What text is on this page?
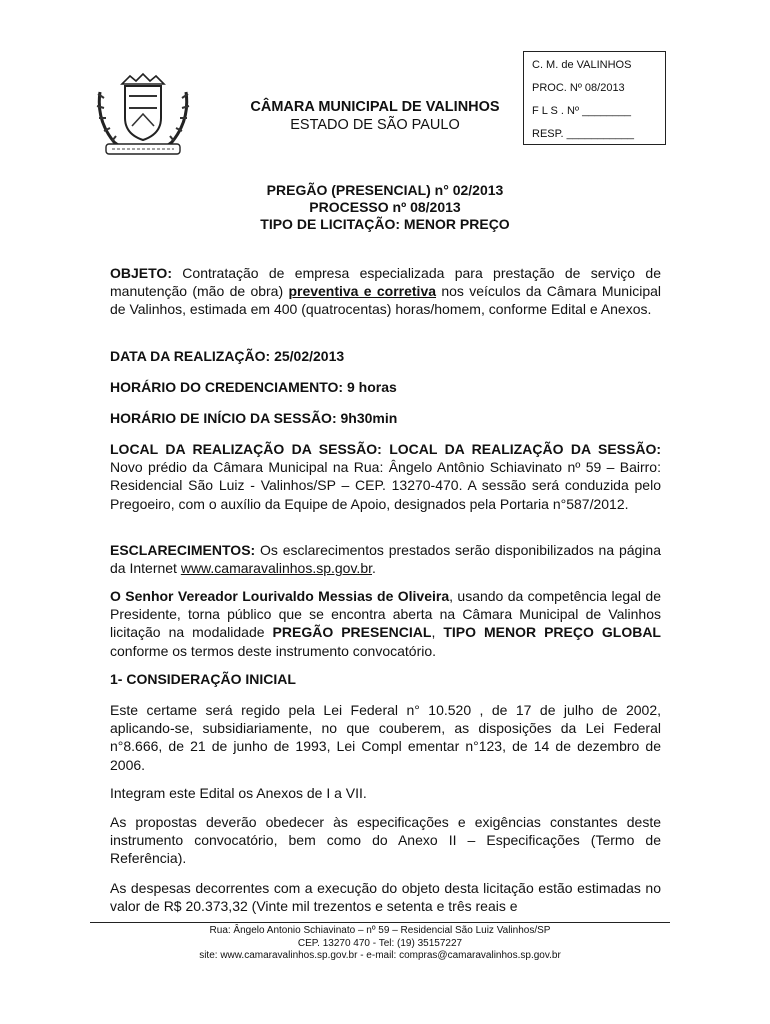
CÂMARA MUNICIPAL DE VALINHOS
ESTADO DE SÃO PAULO
C. M. de VALINHOS
PROC. Nº 08/2013
F L S . Nº ________
RESP. ___________
PREGÃO (PRESENCIAL) n° 02/2013
PROCESSO nº 08/2013
TIPO DE LICITAÇÃO: MENOR PREÇO
OBJETO: Contratação de empresa especializada para prestação de serviço de manutenção (mão de obra) preventiva e corretiva nos veículos da Câmara Municipal de Valinhos, estimada em 400 (quatrocentas) horas/homem, conforme Edital e Anexos.
DATA DA REALIZAÇÃO: 25/02/2013
HORÁRIO DO CREDENCIAMENTO: 9 horas
HORÁRIO DE INÍCIO DA SESSÃO: 9h30min
LOCAL DA REALIZAÇÃO DA SESSÃO: LOCAL DA REALIZAÇÃO DA SESSÃO: Novo prédio da Câmara Municipal na Rua: Ângelo Antônio Schiavinato nº 59 – Bairro: Residencial São Luiz - Valinhos/SP – CEP. 13270-470. A sessão será conduzida pelo Pregoeiro, com o auxílio da Equipe de Apoio, designados pela Portaria n°587/2012.
ESCLARECIMENTOS: Os esclarecimentos prestados serão disponibilizados na página da Internet www.camaravalinhos.sp.gov.br.
O Senhor Vereador Lourivaldo Messias de Oliveira, usando da competência legal de Presidente, torna público que se encontra aberta na Câmara Municipal de Valinhos licitação na modalidade PREGÃO PRESENCIAL, TIPO MENOR PREÇO GLOBAL conforme os termos deste instrumento convocatório.
1- CONSIDERAÇÃO INICIAL
Este certame será regido pela Lei Federal n° 10.520 , de 17 de julho de 2002, aplicando-se, subsidiariamente, no que couberem, as disposições da Lei Federal n°8.666, de 21 de junho de 1993, Lei Compl ementar n°123, de 14 de dezembro de 2006.
Integram este Edital os Anexos de I a VII.
As propostas deverão obedecer às especificações e exigências constantes deste instrumento convocatório, bem como do Anexo II – Especificações (Termo de Referência).
As despesas decorrentes com a execução do objeto desta licitação estão estimadas no valor de R$ 20.373,32 (Vinte mil trezentos e setenta e três reais e
Rua: Ângelo Antonio Schiavinato – nº 59 – Residencial São Luiz Valinhos/SP
CEP. 13270 470 - Tel: (19) 35157227
site: www.camaravalinhos.sp.gov.br - e-mail: compras@camaravalinhos.sp.gov.br
